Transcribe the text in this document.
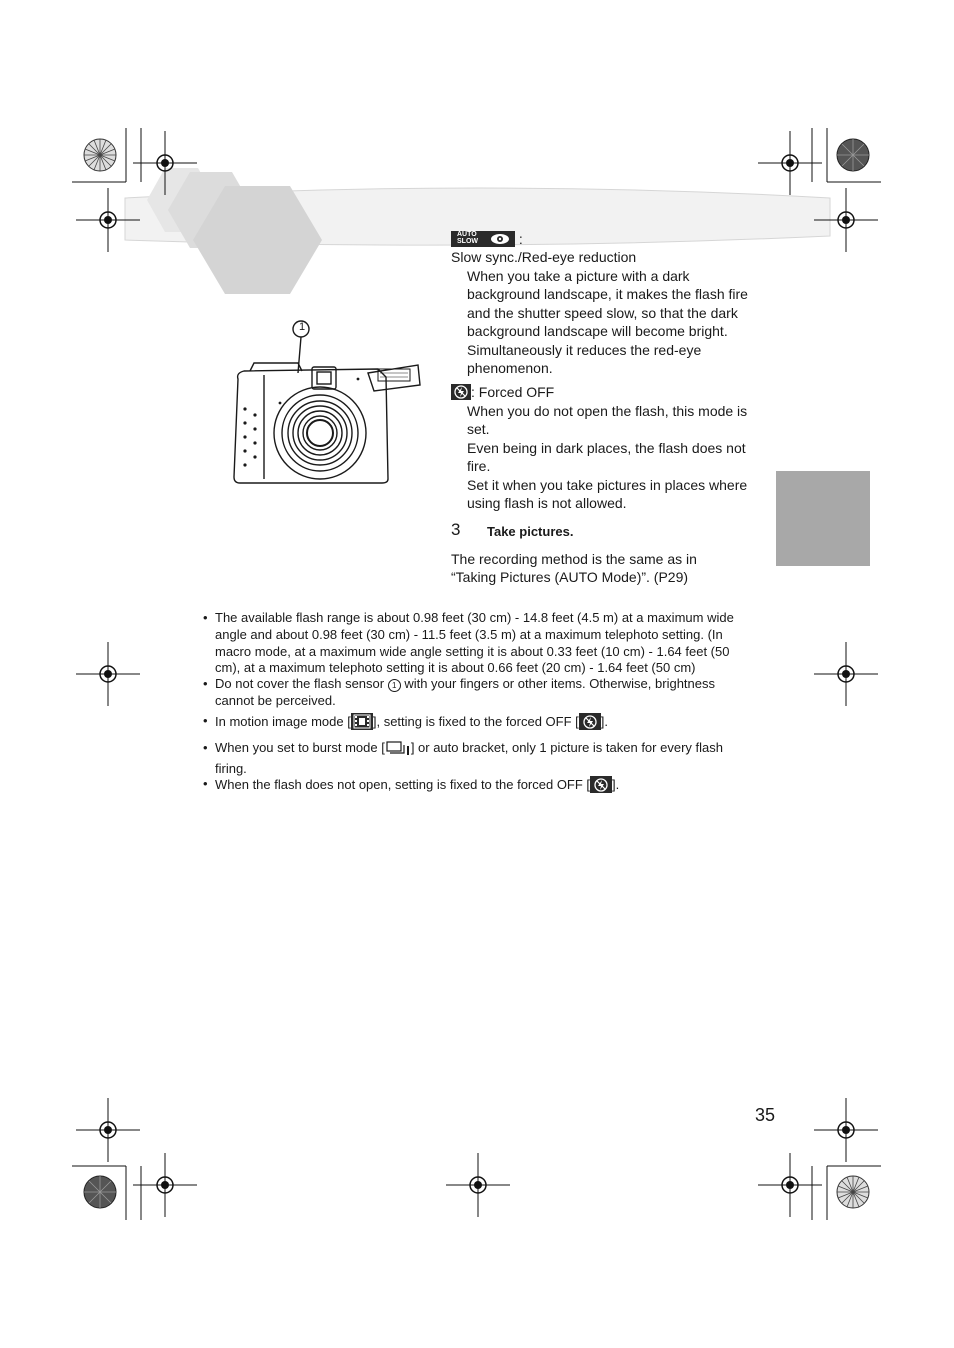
1
AUTO
SLOW	:
Slow sync./Red-eye reduction

When you take a picture with a dark background landscape, it makes the flash fire and the shutter speed slow, so that the dark background landscape will become bright.

Simultaneously it reduces the red-eye phenomenon.

: Forced OFF

When you do not open the flash, this mode is set.

Even being in dark places, the flash does not fire.

Set it when you take pictures in places where using flash is not allowed.

3 Take pictures.
The recording method is the same as in “Taking Pictures (AUTO Mode)”. (P29)
• The available flash range is about 0.98 feet (30 cm) - 14.8 feet (4.5 m) at a maximum wide angle and about 0.98 feet (30 cm) - 11.5 feet (3.5 m) at a maximum telephoto setting. (In macro mode, at a maximum wide angle setting it is about 0.33 feet (10 cm) - 1.64 feet (50 cm), at a maximum telephoto setting it is about 0.66 feet (20 cm) - 1.64 feet (50 cm)
• Do not cover the flash sensor 1 with your fingers or other items. Otherwise, brightness cannot be perceived.
• In motion image mode [ ], setting is fixed to the forced OFF [ ].
• When you set to burst mode [ ] or auto bracket, only 1 picture is taken for every flash firing.
• When the flash does not open, setting is fixed to the forced OFF [ ].
35
